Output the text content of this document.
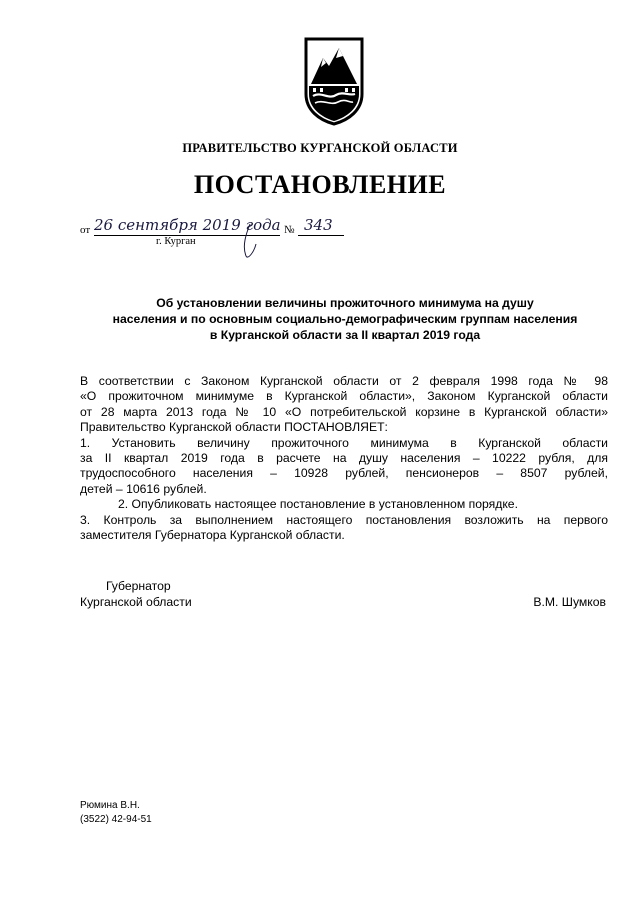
ПРАВИТЕЛЬСТВО КУРГАНСКОЙ ОБЛАСТИ
ПОСТАНОВЛЕНИЕ
от 26 сентября 2019 года № 343
г. Курган
Об установлении величины прожиточного минимума на душу
населения и по основным социально-демографическим группам населения
в Курганской области за II квартал 2019 года

В соответствии с Законом Курганской области от 2 февраля 1998 года № 98

«О прожиточном минимуме в Курганской области», Законом Курганской области

от 28 марта 2013 года № 10 «О потребительской корзине в Курганской области»

Правительство Курганской области ПОСТАНОВЛЯЕТ:

1. Установить величину прожиточного минимума в Курганской области

за II квартал 2019 года в расчете на душу населения – 10222 рубля, для

трудоспособного населения – 10928 рублей, пенсионеров – 8507 рублей,

детей – 10616 рублей.

2. Опубликовать настоящее постановление в установленном порядке.

3. Контроль за выполнением настоящего постановления возложить на первого

заместителя Губернатора Курганской области.

Губернатор
Курганской области	В.М. Шумков
Рюмина В.Н.
(3522) 42-94-51
